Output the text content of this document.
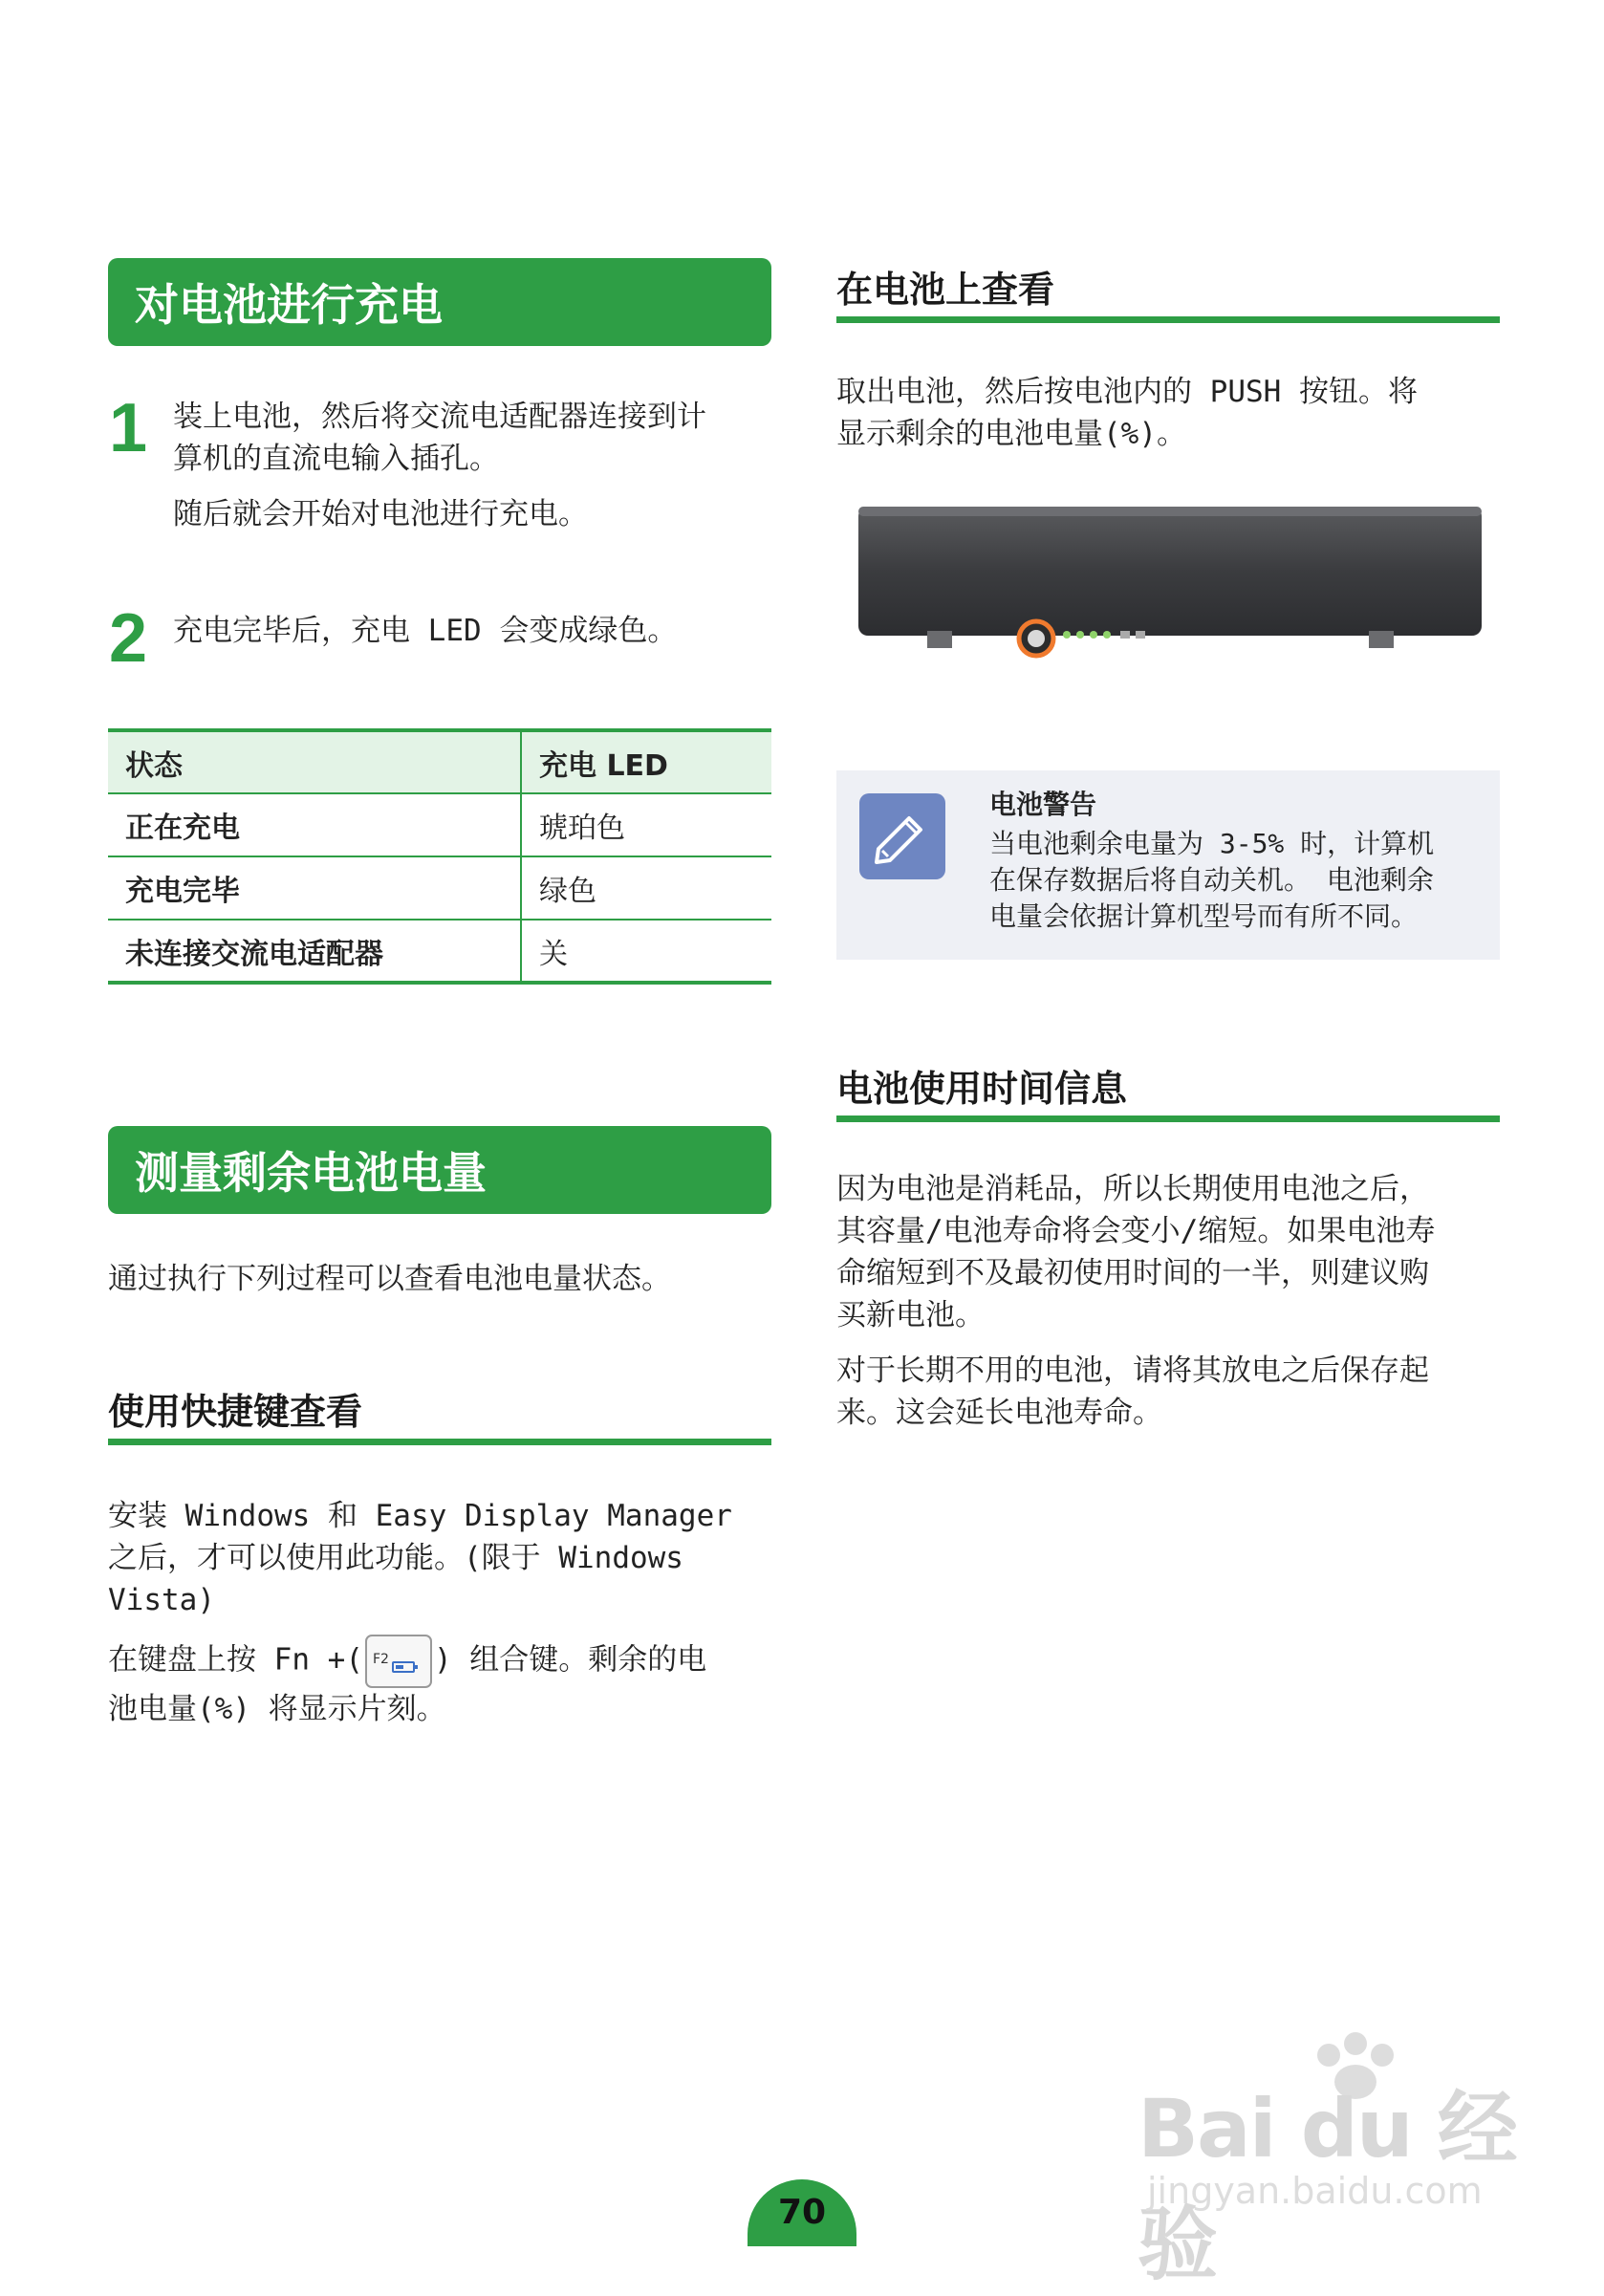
对电池进行充电
1 装上电池，然后将交流电适配器连接到计
算机的直流电输入插孔。
随后就会开始对电池进行充电。
2 充电完毕后，充电 LED 会变成绿色。
状态	充电 LED
正在充电	琥珀色
充电完毕	绿色
未连接交流电适配器	关
测量剩余电池电量
通过执行下列过程可以查看电池电量状态。
使用快捷键查看
安装 Windows 和 Easy Display Manager
之后，才可以使用此功能。(限于 Windows
Vista)
在键盘上按 Fn +( F2 ) 组合键。剩余的电
池电量(%) 将显示片刻。
在电池上查看
取出电池，然后按电池内的 PUSH 按钮。将
显示剩余的电池电量(%)。
电池警告
当电池剩余电量为 3-5% 时，计算机
在保存数据后将自动关机。 电池剩余
电量会依据计算机型号而有所不同。
电池使用时间信息
因为电池是消耗品，所以长期使用电池之后，
其容量/电池寿命将会变小/缩短。如果电池寿
命缩短到不及最初使用时间的一半，则建议购
买新电池。
对于长期不用的电池，请将其放电之后保存起
来。这会延长电池寿命。
Bai du 经验
jingyan.baidu.com
70
